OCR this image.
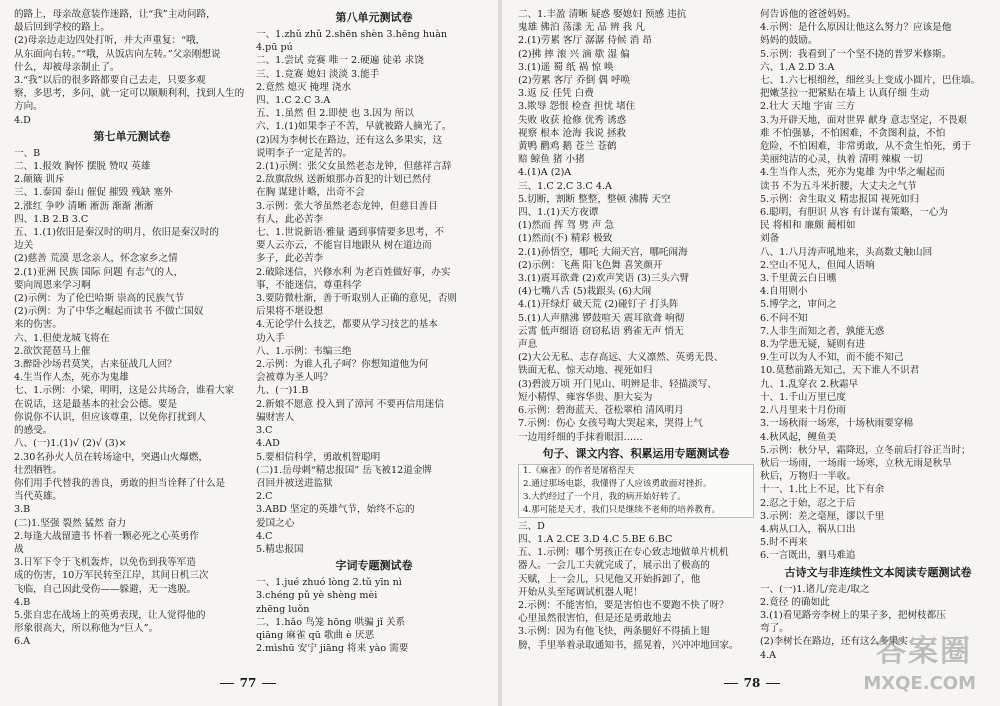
的路上，母亲故意装作迷路，让“我”主动问路，
最后回到学校的路上。
(2)母亲边走边四处打听，并大声重复：“哦，
从东面向右转。”“哦，从饭店向左转。”父亲刚想说
什么，却被母亲制止了。
3.“我”以后的很多路都要自己去走，只要多观
察，多思考，多问，就一定可以顺顺利利，找到人生的
方向。
4.D
第七单元测试卷
一、B
二、1.报效 胸怀 摆脱 赞叹 英雄
2.颠簸 训斥
三、1.泰国 泰山 催促 摧毁 残缺 塞外
2.涨红 争吵 清晰 淅沥 渐渐 淅淅
四、1.B 2.B 3.C
五、1.(1)依旧是秦汉时的明月，依旧是秦汉时的
边关
(2)慈善 荒漠 思念亲人，怀念家乡之情
2.(1)亚洲 民族 国际 问题 有志气的人，
要向周恩来学习啊
(2)示例：为了伦巴哈斯 崇高的民族气节
(2)示例：为了中华之崛起而读书 不做亡国奴
来的伤害。
六、1.但使龙城飞将在
2.欲饮琵琶马上催
3.醉卧沙场君莫笑，古来征战几人回？
4.生当作人杰，死亦为鬼雄
七、1.示例：小梁，明明，这是公共场合，谁看大家
在说话，这是最基本的社会公德。要是
你说你不认识，但应该尊重，以免你打扰到人
的感受。
八、(一)1.(1)√ (2)√ (3)×
2.30名孙火人员在转场途中，突遇山火爆燃，
壮烈牺牲。
你们用手代替我的善良，勇敢的担当诠释了什么是
当代英雄。
3.B
(二)1.坚强 裂然 猛然 奋力
2.每逢大战留遗书 怀着一颗必死之心英勇作
战
3.日军下令于飞机轰炸，以免伤到我等军造
成的伤害，10万军民转至江岸，其间日机三次
飞临，自己因此受伤——躲避，无一逃脱。
4.B
5.张自忠在战场上的英勇表现，让人觉得他的
形象很高大，所以称他为“巨人”。
6.A
第八单元测试卷
一、1.zhǔ zhǔ 2.shēn shèn 3.hēng huàn
4.pū pú
二、1.尝试 竞赛 唯一 2.硬遍 徒弟 求饶
三、1.竞赛 媳妇 淡淡 3.能手
2.竟然 熄灭 掩埋 浇水
四、1.C 2.C 3.A
五、1.虽然 但 2.即使 也 3.因为 所以
六、1.(1)如果李子不苦，早就被路人摘光了。
(2)因为李树长在路边，还有这么多果实，这
说明李子一定是苦的。
2.(1)示例：张父女虽然老态龙钟，但慈祥言辞
2.敌旗敌纵 送新娘那办首犯的计划已然付
在胸 谋建计略，出奇不会
3.示例：张大爷虽然老态龙钟，但慈目善目
有人，此必苦李
七、1.世说新语·雅量 遇到事情要多思考，不
要人云亦云，不能盲目地跟从 树在道边而
多子，此必苦李
2.破除迷信，兴修水利 为老百姓做好事，办实
事，不能迷信，尊重科学
3.要防微杜渐，善于听取别人正确的意见，否则
后果将不堪设想
4.无论学什么技艺，都要从学习技艺的基本
功入手
八、1.示例：韦编三绝
2.示例：为谁人孔子呵？你想知道他为何
会被尊为圣人吗？
九、(一)1.B
2.新娘不愿意 投入到了漳河 不要再信用迷信
骗财害人
3.C
4.AD
5.要相信科学，勇敢机智聪明
(二)1.岳母刺“精忠报国” 岳飞被12道金牌
召回并被送进监狱
2.C
3.ABD 坚定的英雄气节，始终不忘的
爱国之心
4.C
5.精忠报国
字词专题测试卷
一、1.jué zhuó lòng 2.tǔ yīn nì
3.chéng pǔ yè shèng mèi
zhēng luǒn
二、1.hǎo 鸟笼 hōng 哄骗 jǐ 关系
qiāng 麻雀 qū 歌曲 è 厌恶
2.mìshū 安宁 jiāng 将来 yào 需要
77
二、1.丰盈 清晰 疑惑 娶媳妇 预感 违抗
鬼雄 佛泊 荡漾 无 品 辨 我 凡
2.(1)劳累 客厅 潺潺 侍候 消 昂
(2)拂 摔 滚 兴 滴 歇 湿 偏
3.(1)遥 蜀 纸 祸 惊 唤
(2)劳累 客厅 乔倒 偶 呼唤
3.返 反 任凭 白费
3.欺辱 怨恨 检查 担忧 堵住
失败 收获 抢修 优秀 诱惑
视察 根本 沧海 我说 拯救
黄鸭 鹳鸡 鹅 苍兰 苍鹤
赔 鲸鱼 猪 小猪
4.(1)A (2)A
三、1.C 2.C 3.C 4.A
5.切断，割断 整整，整顿 沸腾 天空
四、1.(1)天方夜谭
(1)然而 挥 驾 劈 声 急
(1)然而(不) 精彩 极致
2.(1)孙悟空，哪吒 大闹天宫，哪吒闹海
(2)示例：飞燕 阳飞色舞 喜笑颜开
3.(1)震耳欲聋 (2)欢声笑语 (3)三头六臂
(4)七嘴八舌 (5)栽跟头 (6)大闹
4.(1)开绿灯 破天荒 (2)碰钉子 打头阵
5.(1)人声鼎沸 锣鼓喧天 震耳欲聋 响彻
云霄 低声细语 窃窃私语 鸦雀无声 悄无
声息
(2)大公无私、志存高远、大义凛然、英勇无畏、
铁面无私、惊天动地、视死如归
(3)碧波万顷 开门见山、明辨是非、轻描淡写、
短小精悍、雍容华贵、胆大妄为
6.示例：碧海蓝天、苍松翠柏 清风明月
7.示例：伤心 女孩号啕大哭起来，哭得上气
一边用纤细的手抹着眼泪……
句子、课文内容、积累运用专题测试卷
1.《麻雀》的作者是屠格涅夫
2.通过那场电影，我懂得了人应该勇敢面对挫折。
3.大约经过了一个月，我的病开始好转了。
4.那可能是天才，我们只是继续不老师的培养教育。
三、D
四、1.A 2.CE 3.D 4.C 5.BE 6.BC
五、1.示例：哪个男孩正在专心致志地做单片机机
器人。一会儿工夫就完成了，展示出了极高的
天赋，上一会儿，只见他又开始拆卸了，他
开始从头至尾调试机器人呢！
2.示例：不能害怕，要是害怕也不要跑不快了呀？
心里虽然很害怕，但是还是勇敢地去
3.示例：因为有他飞快，两条腿好不得插上翅
膀，手里举着录取通知书，摇晃着，兴冲冲地回家。
何告诉他的爸爸妈妈。
4.示例：是什么原因让他这么努力？应该是他
妈妈的鼓励。
5.示例：我看到了一个坚不挠的普罗米修斯。
六、1.A 2.D 3.A
七、1.六七根细丝，细丝头上变成小圆片，巴住墙。
把嫩茎拉一把紧贴在墙上 认真仔细 生动
2.壮大 天地 宇宙 三方
3.为开辟天地，面对世界 献身 意志坚定，不畏艰
难 不怕强暴，不怕困难，不贪图利益，不怕
危险，不怕困难，非常勇敢，从不贪生怕死，勇于
美丽纯洁的心灵，执着 清明 辣椒 一切
4.生当作人杰，死亦为鬼雄 为中华之崛起而
读书 不为五斗米折腰，大丈夫之气节
5.示例：舍生取义 精忠报国 视死如归
6.聪明，有胆识 从容 有计谋有策略，一心为
民 将相和 廉颇 蔺相如
刘备
八、1.八月涛声吼地来，头高数丈触山回
2.空山不见人，但闻人语响
3.千里黄云白日曛
4.自用则小
5.博学之，审问之
6.不问不知
7.人非生而知之者，孰能无惑
8.为学患无疑，疑则有进
9.生可以为人不知，而不能不知己
10.莫愁前路无知己，天下谁人不识君
九、1.乱穿衣 2.秋霜早
十、1.千山万里已度
2.八月里来十月份雨
3.一场秋雨一场寒，十场秋雨要穿棉
4.秋风起，鲤鱼美
5.示例：秋分早，霜降迟，立冬前后打谷正当时；
秋后一场雨，一场雨一场寒，立秋无雨是秋旱
秋后，万物归一半收。
十一、1.比上不足，比下有余
2.忍之于始，忍之于后
3.示例：差之毫厘，谬以千里
4.病从口入，祸从口出
5.时不再来
6.一言既出，驷马难追
古诗文与非连续性文本阅读专题测试卷
一、(一)1.诸儿/竞走/取之
2.竟径 的确如此
3.(1)看见路旁李树上的果子多，把树枝都压
弯了。
(2)李树长在路边，还有这么多果实
4.A
78
答案圈
MXQE.COM
